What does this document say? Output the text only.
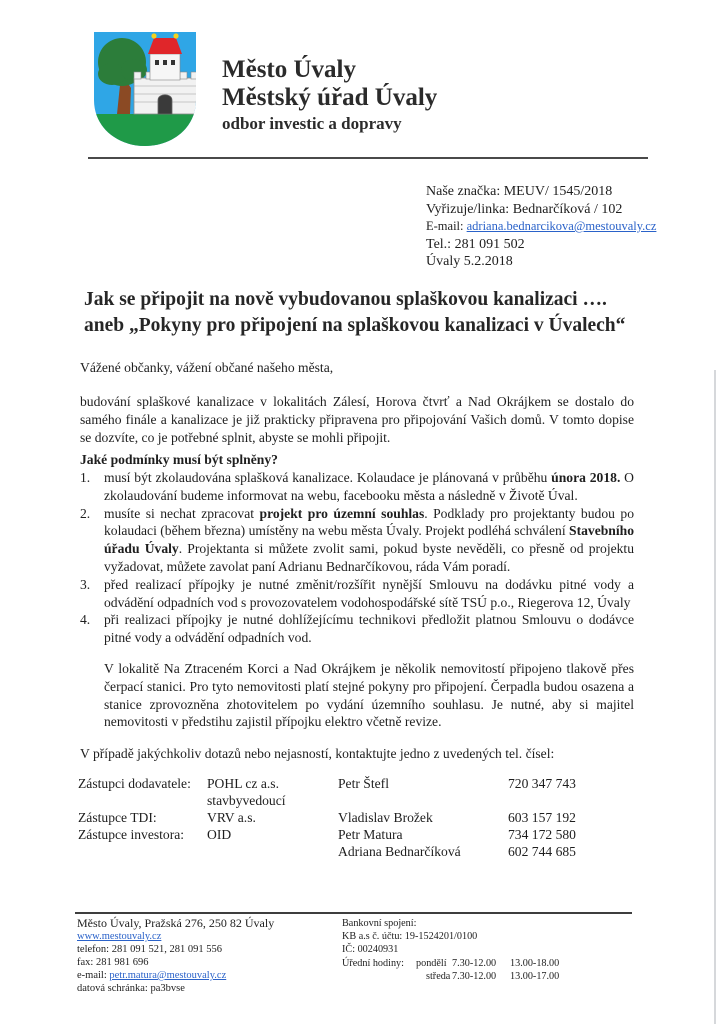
Město Úvaly
Městský úřad Úvaly
odbor investic a dopravy
Naše značka: MEUV/ 1545/2018
Vyřizuje/linka: Bednarčíková / 102
E-mail: adriana.bednarcikova@mestouvaly.cz
Tel.: 281 091 502
Úvaly 5.2.2018
Jak se připojit na nově vybudovanou splaškovou kanalizaci ….
aneb „Pokyny pro připojení na splaškovou kanalizaci v Úvalech“
Vážené občanky, vážení občané našeho města,
budování splaškové kanalizace v lokalitách Zálesí, Horova čtvrť a Nad Okrájkem se dostalo do samého finále a kanalizace je již prakticky připravena pro připojování Vašich domů. V tomto dopise se dozvíte, co je potřebné splnit, abyste se mohli připojit.
Jaké podmínky musí být splněny?
1. musí být zkolaudována splašková kanalizace. Kolaudace je plánovaná v průběhu února 2018. O zkolaudování budeme informovat na webu, facebooku města a následně v Životě Úval.
2. musíte si nechat zpracovat projekt pro územní souhlas. Podklady pro projektanty budou po kolaudaci (během března) umístěny na webu města Úvaly. Projekt podléhá schválení Stavebního úřadu Úvaly. Projektanta si můžete zvolit sami, pokud byste nevěděli, co přesně od projektu vyžadovat, můžete zavolat paní Adrianu Bednarčíkovou, ráda Vám poradí.
3. před realizací přípojky je nutné změnit/rozšířit nynější Smlouvu na dodávku pitné vody a odvádění odpadních vod s provozovatelem vodohospodářské sítě TSÚ p.o., Riegerova 12, Úvaly
4. při realizaci přípojky je nutné dohlížejícímu technikovi předložit platnou Smlouvu o dodávce pitné vody a odvádění odpadních vod.
V lokalitě Na Ztraceném Korci a Nad Okrájkem je několik nemovitostí připojeno tlakově přes čerpací stanici. Pro tyto nemovitosti platí stejné pokyny pro připojení. Čerpadla budou osazena a stanice zprovozněna zhotovitelem po vydání územního souhlasu. Je nutné, aby si majitel nemovitosti v předstihu zajistil přípojku elektro včetně revize.
V případě jakýchkoliv dotazů nebo nejasností, kontaktujte jedno z uvedených tel. čísel:
Zástupci dodavatele: POHL cz a.s.	Petr Štefl	720 347 743
stavbyvedoucí
Zástupce TDI:	VRV a.s.	Vladislav Brožek	603 157 192
Zástupce investora: OID	Petr Matura	734 172 580
Adriana Bednarčíková	602 744 685
Město Úvaly, Pražská 276, 250 82 Úvaly
www.mestouvaly.cz
telefon: 281 091 521, 281 091 556
fax: 281 981 696
e-mail: petr.matura@mestouvaly.cz
datová schránka: pa3bvse
Bankovní spojení:
KB a.s č. účtu: 19-1524201/0100
IČ: 00240931
Úřední hodiny: pondělí 7.30-12.00 13.00-18.00
středa 7.30-12.00 13.00-17.00
